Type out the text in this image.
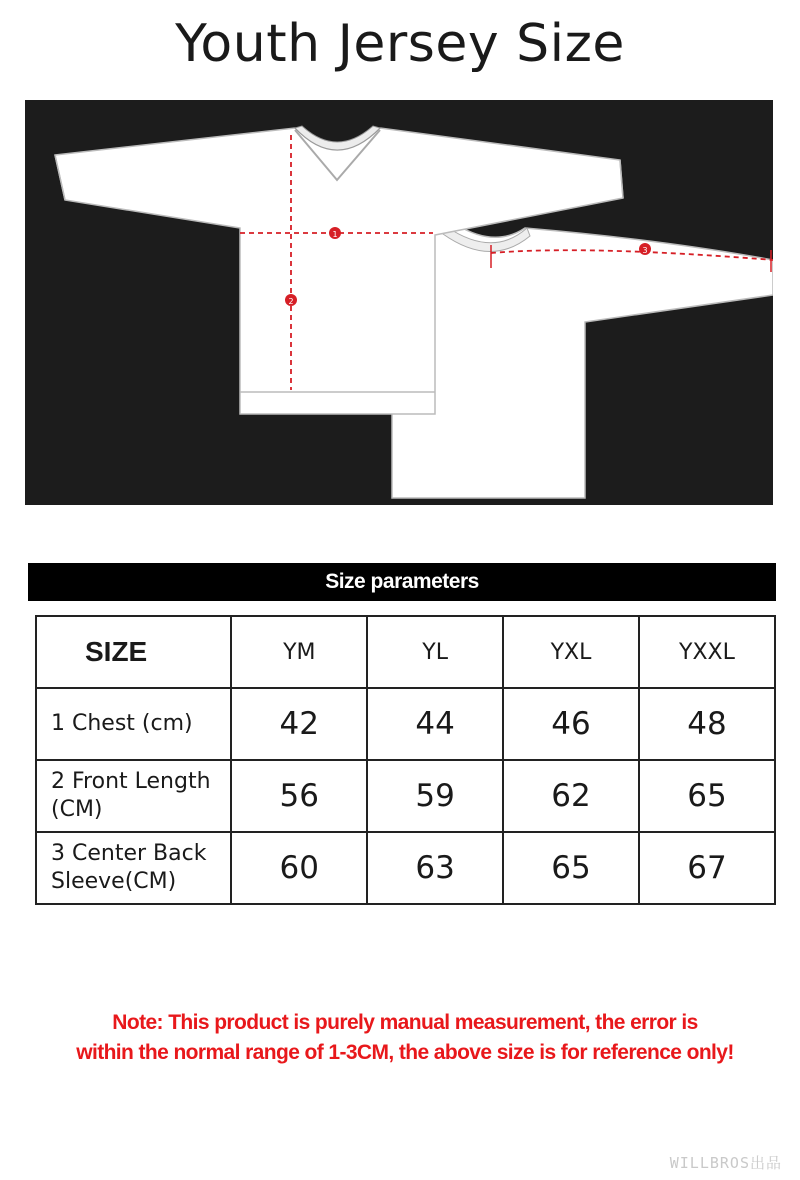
Youth Jersey Size
1
2
3
Size parameters
SIZE	YM	YL	YXL	YXXL
1 Chest (cm)	42	44	46	48

2 Front Length
(CM)	56	59	62	65

3 Center Back
Sleeve(CM)	60	63	65	67
Note: This product is purely manual measurement, the error is
within the normal range of 1-3CM, the above size is for reference only!
WILLBROS出品
